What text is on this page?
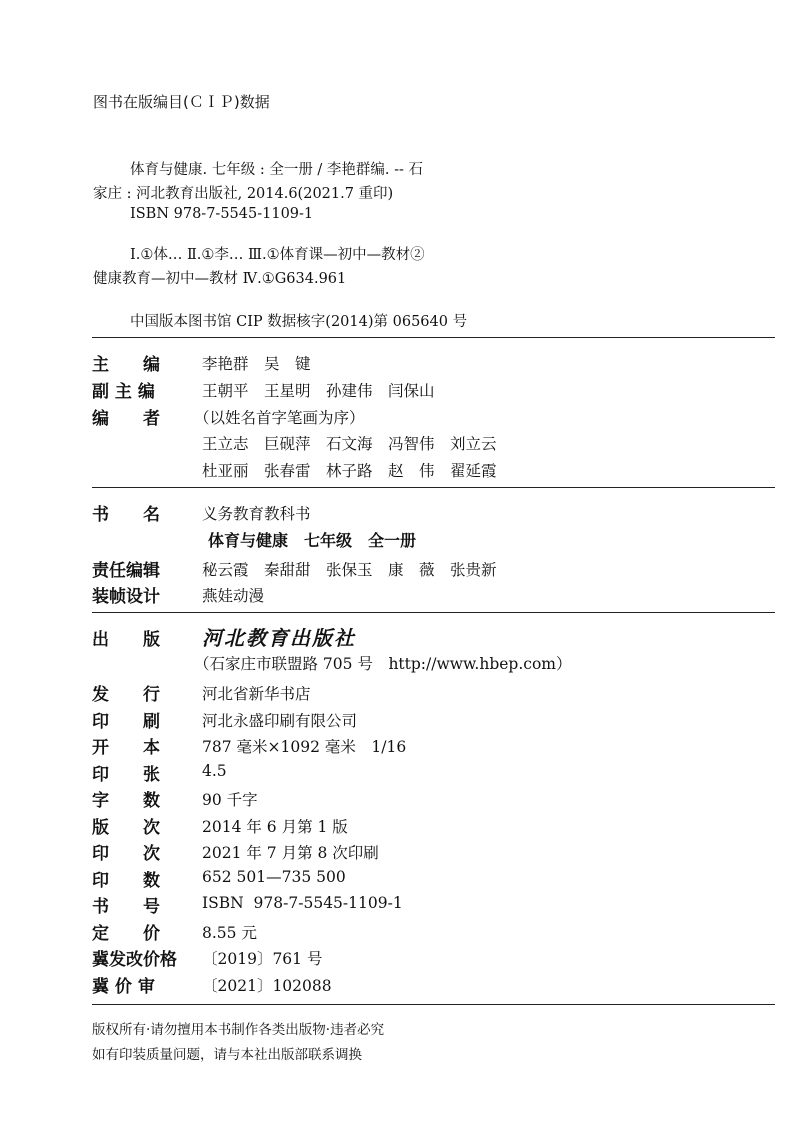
图书在版编目(ＣＩＰ)数据
体育与健康. 七年级 : 全一册 / 李艳群编. -- 石
家庄 : 河北教育出版社, 2014.6(2021.7 重印)
ISBN 978-7-5545-1109-1
Ⅰ.①体… Ⅱ.①李… Ⅲ.①体育课—初中—教材②
健康教育—初中—教材 Ⅳ.①G634.961
中国版本图书馆 CIP 数据核字(2014)第 065640 号
主　　编	李艳群　吴　键
副 主 编	王朝平　王星明　孙建伟　闫保山
编　　者 （以姓名首字笔画为序）
王立志　巨砚萍　石文海　冯智伟　刘立云
杜亚丽　张春雷　林子路　赵　伟　翟延霞
书　　名	义务教育教科书
体育与健康　七年级　全一册
责任编辑	秘云霞　秦甜甜　张保玉　康　薇　张贵新
装帧设计	燕娃动漫
出　　版 河北教育出版社
（石家庄市联盟路 705 号　http://www.hbep.com）
发　　行	河北省新华书店
印　　刷	河北永盛印刷有限公司
开　　本	787 毫米×1092 毫米　1/16
印　　张	4.5
字　　数	90 千字
版　　次	2014 年 6 月第 1 版
印　　次	2021 年 7 月第 8 次印刷
印　　数	652 501—735 500
书　　号	ISBN  978-7-5545-1109-1
定　　价	8.55 元
冀发改价格 〔2019〕761 号
冀 价 审	〔2021〕102088
版权所有·请勿擅用本书制作各类出版物·违者必究
如有印装质量问题，请与本社出版部联系调换
